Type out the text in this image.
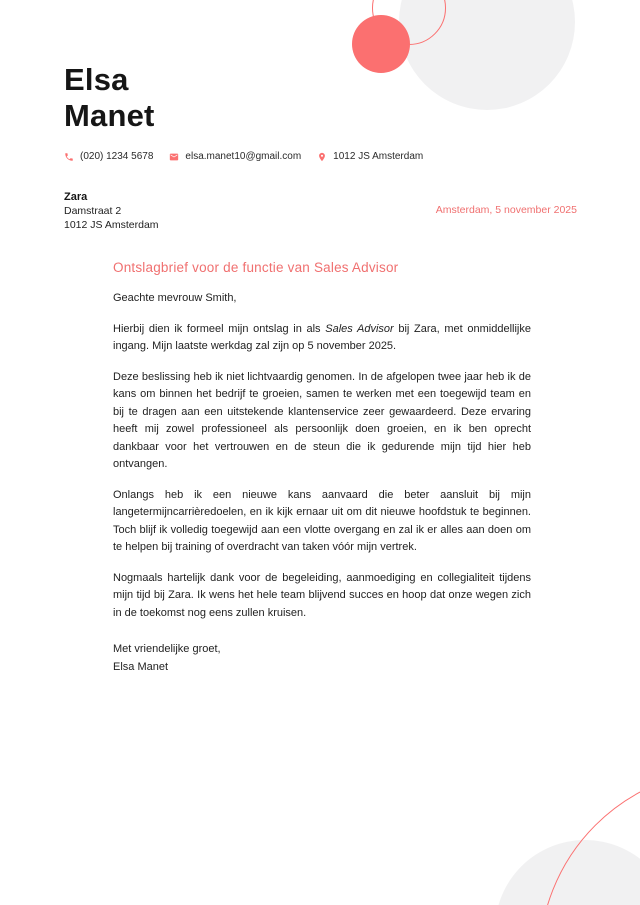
Elsa
Manet
(020) 1234 5678	elsa.manet10@gmail.com	1012 JS Amsterdam
Zara
Damstraat 2
1012 JS Amsterdam
Amsterdam, 5 november 2025
Ontslagbrief voor de functie van Sales Advisor

Geachte mevrouw Smith,

Hierbij dien ik formeel mijn ontslag in als Sales Advisor bij Zara, met onmiddellijke ingang. Mijn laatste werkdag zal zijn op 5 november 2025.

Deze beslissing heb ik niet lichtvaardig genomen. In de afgelopen twee jaar heb ik de kans om binnen het bedrijf te groeien, samen te werken met een toegewijd team en bij te dragen aan een uitstekende klantenservice zeer gewaardeerd. Deze ervaring heeft mij zowel professioneel als persoonlijk doen groeien, en ik ben oprecht dankbaar voor het vertrouwen en de steun die ik gedurende mijn tijd hier heb ontvangen.

Onlangs heb ik een nieuwe kans aanvaard die beter aansluit bij mijn langetermijncarrièredoelen, en ik kijk ernaar uit om dit nieuwe hoofdstuk te beginnen. Toch blijf ik volledig toegewijd aan een vlotte overgang en zal ik er alles aan doen om te helpen bij training of overdracht van taken vóór mijn vertrek.

Nogmaals hartelijk dank voor de begeleiding, aanmoediging en collegialiteit tijdens mijn tijd bij Zara. Ik wens het hele team blijvend succes en hoop dat onze wegen zich in de toekomst nog eens zullen kruisen.

Met vriendelijke groet,
Elsa Manet
